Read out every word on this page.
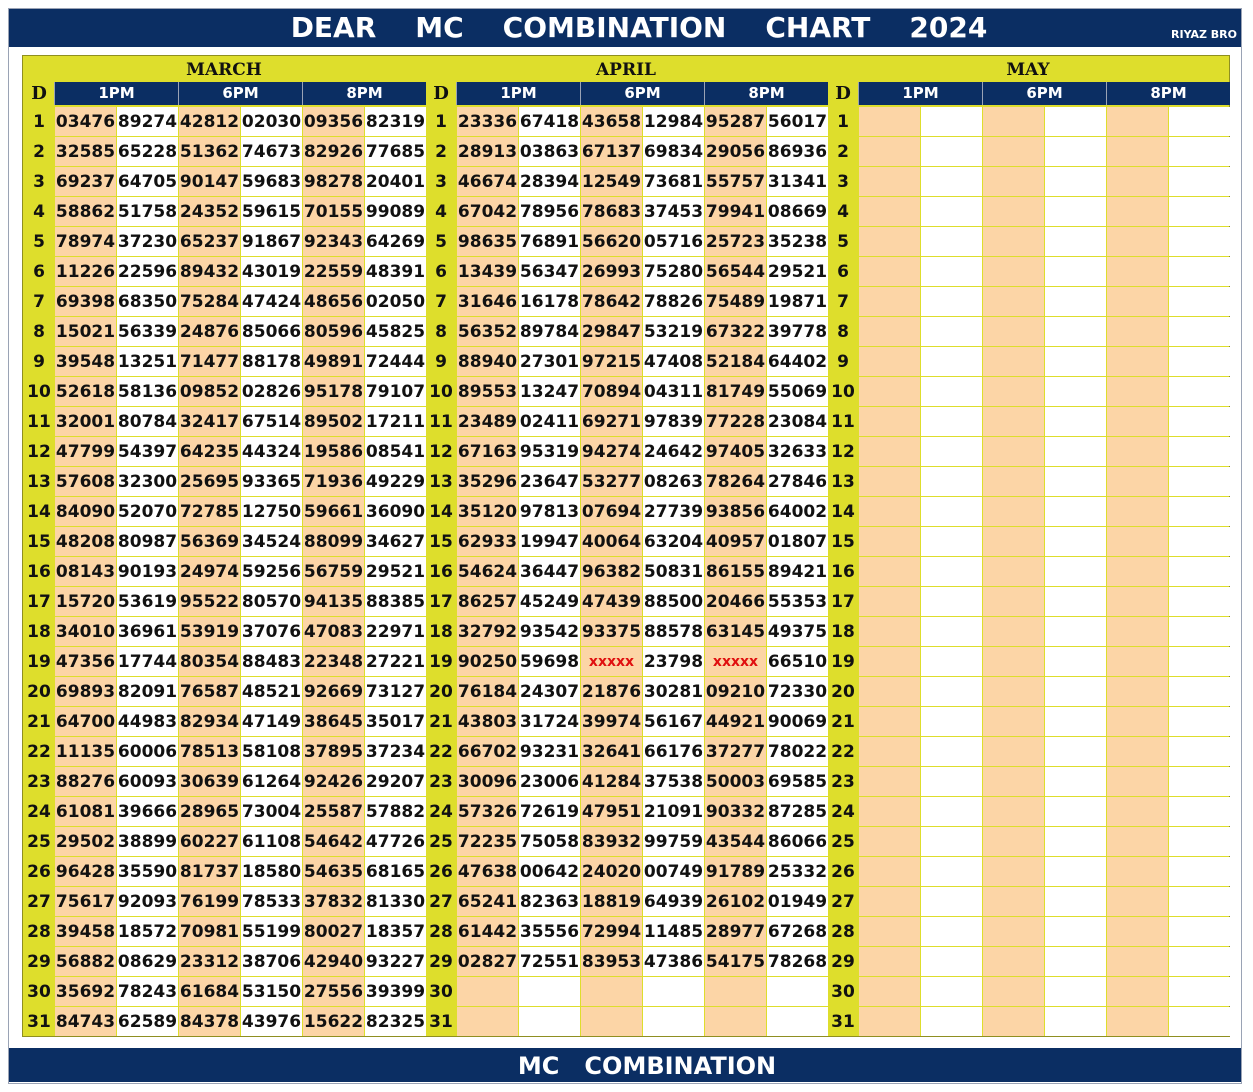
DEAR    MC    COMBINATION    CHART    2024	RIYAZ BRO
MC   COMBINATION
MARCH
D	1PM	6PM	8PM
1 03476 89274 42812 02030 09356 82319
2 32585 65228 51362 74673 82926 77685
3 69237 64705 90147 59683 98278 20401
4 58862 51758 24352 59615 70155 99089
5 78974 37230 65237 91867 92343 64269
6 11226 22596 89432 43019 22559 48391
7 69398 68350 75284 47424 48656 02050
8 15021 56339 24876 85066 80596 45825
9 39548 13251 71477 88178 49891 72444
10 52618 58136 09852 02826 95178 79107
11 32001 80784 32417 67514 89502 17211
12 47799 54397 64235 44324 19586 08541
13 57608 32300 25695 93365 71936 49229
14 84090 52070 72785 12750 59661 36090
15 48208 80987 56369 34524 88099 34627
16 08143 90193 24974 59256 56759 29521
17 15720 53619 95522 80570 94135 88385
18 34010 36961 53919 37076 47083 22971
19 47356 17744 80354 88483 22348 27221
20 69893 82091 76587 48521 92669 73127
21 64700 44983 82934 47149 38645 35017
22 11135 60006 78513 58108 37895 37234
23 88276 60093 30639 61264 92426 29207
24 61081 39666 28965 73004 25587 57882
25 29502 38899 60227 61108 54642 47726
26 96428 35590 81737 18580 54635 68165
27 75617 92093 76199 78533 37832 81330
28 39458 18572 70981 55199 80027 18357
29 56882 08629 23312 38706 42940 93227
30 35692 78243 61684 53150 27556 39399
31 84743 62589 84378 43976 15622 82325
APRIL
D	1PM	6PM	8PM
1 23336 67418 43658 12984 95287 56017
2 28913 03863 67137 69834 29056 86936
3 46674 28394 12549 73681 55757 31341
4 67042 78956 78683 37453 79941 08669
5 98635 76891 56620 05716 25723 35238
6 13439 56347 26993 75280 56544 29521
7 31646 16178 78642 78826 75489 19871
8 56352 89784 29847 53219 67322 39778
9 88940 27301 97215 47408 52184 64402
10 89553 13247 70894 04311 81749 55069
11 23489 02411 69271 97839 77228 23084
12 67163 95319 94274 24642 97405 32633
13 35296 23647 53277 08263 78264 27846
14 35120 97813 07694 27739 93856 64002
15 62933 19947 40064 63204 40957 01807
16 54624 36447 96382 50831 86155 89421
17 86257 45249 47439 88500 20466 55353
18 32792 93542 93375 88578 63145 49375
19 90250 59698 xxxxx 23798 xxxxx 66510
20 76184 24307 21876 30281 09210 72330
21 43803 31724 39974 56167 44921 90069
22 66702 93231 32641 66176 37277 78022
23 30096 23006 41284 37538 50003 69585
24 57326 72619 47951 21091 90332 87285
25 72235 75058 83932 99759 43544 86066
26 47638 00642 24020 00749 91789 25332
27 65241 82363 18819 64939 26102 01949
28 61442 35556 72994 11485 28977 67268
29 02827 72551 83953 47386 54175 78268
30
31
MAY
D	1PM	6PM	8PM
1
2
3
4
5
6
7
8
9
10
11
12
13
14
15
16
17
18
19
20
21
22
23
24
25
26
27
28
29
30
31
